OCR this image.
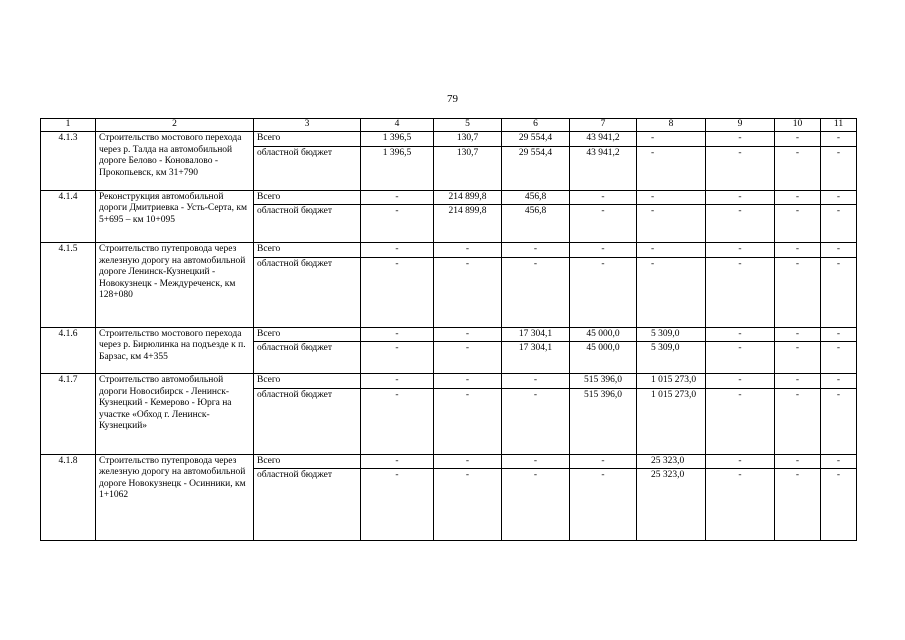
79
1	2	3	4	5	6	7	8	9	10	11
4.1.3	Строительство мостового перехода через р. Талда на автомобильной дороге Белово - Коновалово - Прокопьевск, км 31+790	Всего	1 396,5	130,7	29 554,4	43 941,2	-	-	-	-
		областной бюджет	1 396,5	130,7	29 554,4	43 941,2	-	-	-	-
4.1.4	Реконструкция автомобильной дороги Дмитриевка - Усть-Серта, км 5+695 – км 10+095	Всего	-	214 899,8	456,8	-	-	-	-	-
		областной бюджет	-	214 899,8	456,8	-	-	-	-	-
4.1.5	Строительство путепровода через железную дорогу на автомобильной дороге Ленинск-Кузнецкий - Новокузнецк - Междуреченск, км 128+080	Всего	-	-	-	-	-	-	-	-
		областной бюджет	-	-	-	-	-	-	-	-
4.1.6	Строительство мостового перехода через р. Бирюлинка на подъезде к п. Барзас, км 4+355	Всего	-	-	17 304,1	45 000,0	5 309,0	-	-	-
		областной бюджет	-	-	17 304,1	45 000,0	5 309,0	-	-	-
4.1.7	Строительство автомобильной дороги Новосибирск - Ленинск-Кузнецкий - Кемерово - Юрга на участке «Обход г. Ленинск-Кузнецкий»	Всего	-	-	-	515 396,0	1 015 273,0	-	-	-
		областной бюджет	-	-	-	515 396,0	1 015 273,0	-	-	-
4.1.8	Строительство путепровода через железную дорогу на автомобильной дороге Новокузнецк - Осинники, км 1+1062	Всего	-	-	-	-	25 323,0	-	-	-
		областной бюджет	-	-	-	-	25 323,0	-	-	-
